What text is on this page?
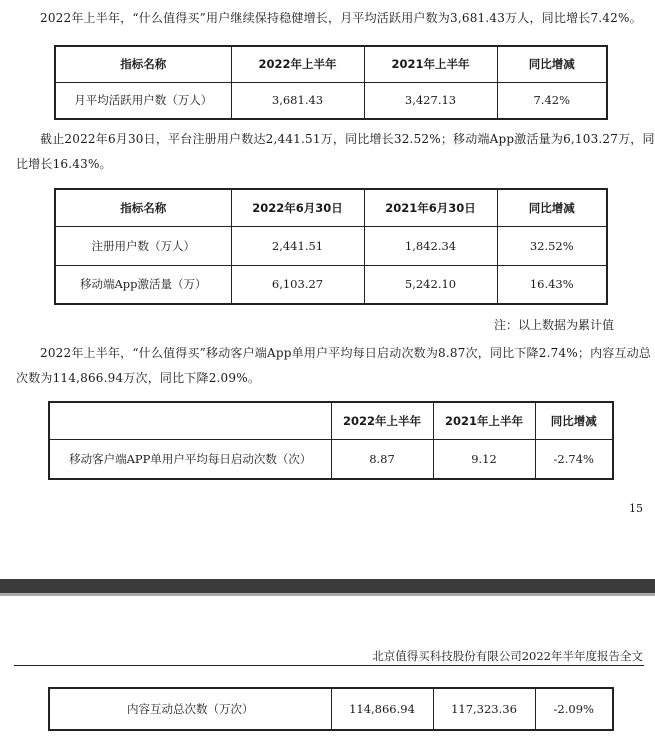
2022年上半年，“什么值得买”用户继续保持稳健增长，月平均活跃用户数为3,681.43万人，同比增长7.42%。
指标名称	2022年上半年	2021年上半年	同比增减
月平均活跃用户数（万人）	3,681.43	3,427.13	7.42%
截止2022年6月30日，平台注册用户数达2,441.51万，同比增长32.52%；移动端App激活量为6,103.27万，同
比增长16.43%。
指标名称	2022年6月30日	2021年6月30日	同比增减
注册用户数（万人）	2,441.51	1,842.34	32.52%
移动端App激活量（万）	6,103.27	5,242.10	16.43%
注：以上数据为累计值
2022年上半年，“什么值得买”移动客户端App单用户平均每日启动次数为8.87次，同比下降2.74%；内容互动总
次数为114,866.94万次，同比下降2.09%。
	2022年上半年	2021年上半年	同比增减
移动客户端APP单用户平均每日启动次数（次）	8.87	9.12	-2.74%
15
北京值得买科技股份有限公司2022年半年度报告全文
内容互动总次数（万次）	114,866.94	117,323.36	-2.09%
